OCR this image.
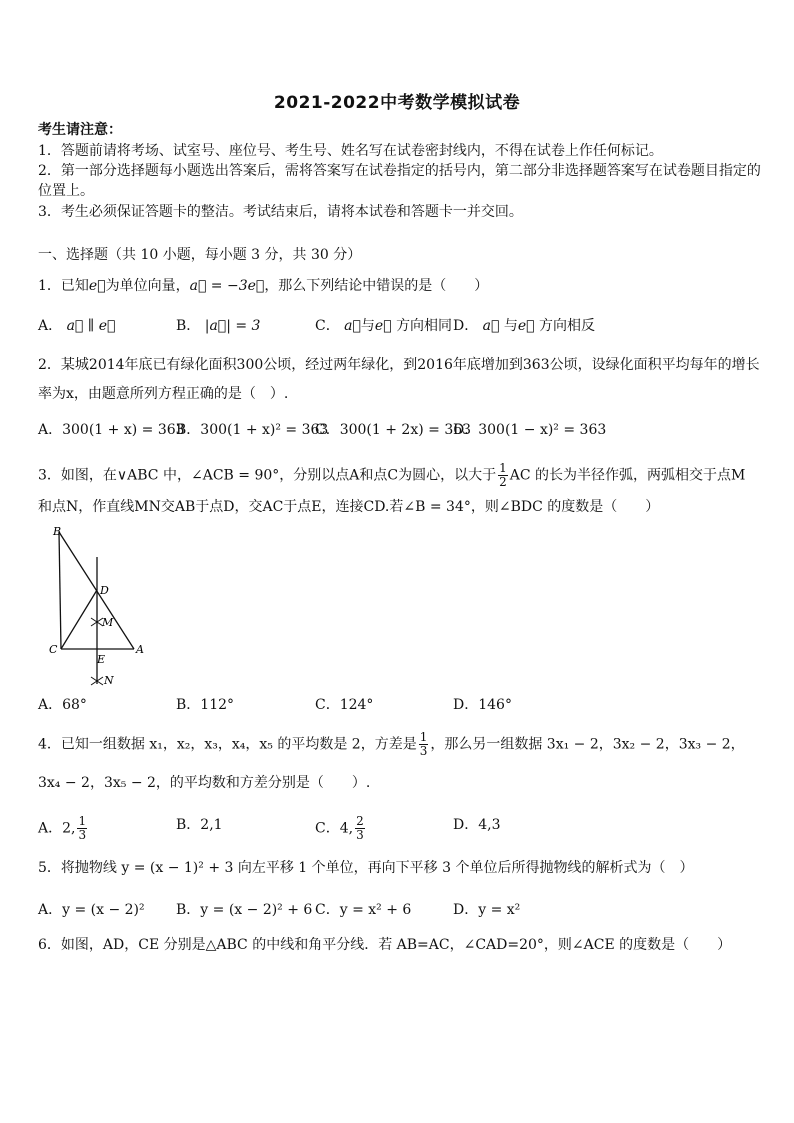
2021-2022中考数学模拟试卷
考生请注意：
1．答题前请将考场、试室号、座位号、考生号、姓名写在试卷密封线内，不得在试卷上作任何标记。
2．第一部分选择题每小题选出答案后，需将答案写在试卷指定的括号内，第二部分非选择题答案写在试卷题目指定的
位置上。
3．考生必须保证答题卡的整洁。考试结束后，请将本试卷和答题卡一并交回。
一、选择题（共 10 小题，每小题 3 分，共 30 分）
1．已知e⃗为单位向量，a⃗ = −3e⃗，那么下列结论中错误的是（　　）
A． a⃗ ∥ e⃗	B． |a⃗| = 3	C． a⃗与e⃗ 方向相同 D． a⃗ 与e⃗ 方向相反
2．某城2014年底已有绿化面积300公顷，经过两年绿化，到2016年底增加到363公顷，设绿化面积平均每年的增长
率为x，由题意所列方程正确的是（　）.
A．300(1 + x) = 363
B．300(1 + x)² = 363
C．300(1 + 2x) = 363
D．300(1 − x)² = 363
3．如图，在∨ABC 中，∠ACB = 90°，分别以点A和点C为圆心，以大于 $\frac{1}{2}$ AC 的长为半径作弧，两弧相交于点M
和点N，作直线MN交AB于点D，交AC于点E，连接CD.若∠B = 34°，则∠BDC 的度数是（　　）
B
C	A
D
M
E
N
A．68°	B．112°	C．124°	D．146°
4．已知一组数据 x₁，x₂，x₃，x₄，x₅ 的平均数是 2，方差是 $\frac{1}{3}$ ，那么另一组数据 3x₁ − 2，3x₂ − 2，3x₃ − 2，
3x₄ − 2，3x₅ − 2，的平均数和方差分别是（　　）.
A．2, $\frac{1}{3}$	B．2,1	C．4, $\frac{2}{3}$	D．4,3
5．将抛物线 y = (x − 1)² + 3 向左平移 1 个单位，再向下平移 3 个单位后所得抛物线的解析式为（　）
A．y = (x − 2)² B．y = (x − 2)² + 6 C．y = x² + 6	D．y = x²
6．如图，AD，CE 分别是△ABC 的中线和角平分线．若 AB=AC，∠CAD=20°，则∠ACE 的度数是（　　）
